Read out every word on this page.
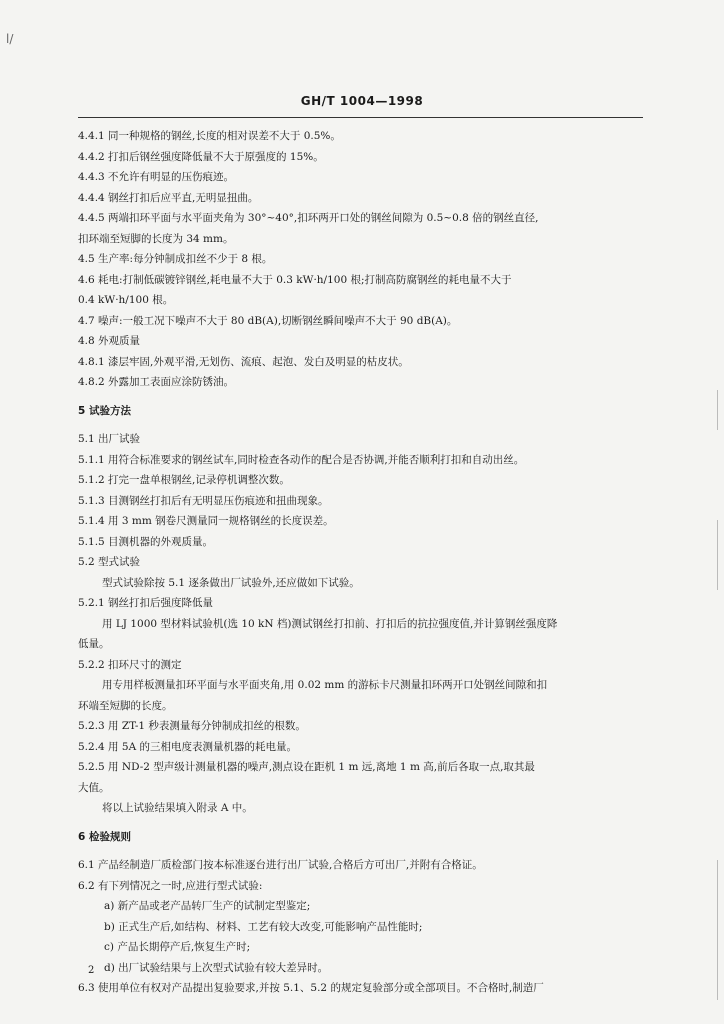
l/
GH/T 1004—1998
4.4.1 同一种规格的钢丝,长度的相对误差不大于 0.5%。
4.4.2 打扣后钢丝强度降低量不大于原强度的 15%。
4.4.3 不允许有明显的压伤痕迹。
4.4.4 钢丝打扣后应平直,无明显扭曲。
4.4.5 两端扣环平面与水平面夹角为 30°~40°,扣环两开口处的钢丝间隙为 0.5~0.8 倍的钢丝直径,
扣环端至短脚的长度为 34 mm。
4.5 生产率:每分钟制成扣丝不少于 8 根。
4.6 耗电:打制低碳镀锌钢丝,耗电量不大于 0.3 kW·h/100 根;打制高防腐钢丝的耗电量不大于
0.4 kW·h/100 根。
4.7 噪声:一般工况下噪声不大于 80 dB(A),切断钢丝瞬间噪声不大于 90 dB(A)。
4.8 外观质量
4.8.1 漆层牢固,外观平滑,无划伤、流痕、起泡、发白及明显的枯皮状。
4.8.2 外露加工表面应涂防锈油。
5 试验方法
5.1 出厂试验
5.1.1 用符合标准要求的钢丝试车,同时检查各动作的配合是否协调,并能否顺利打扣和自动出丝。
5.1.2 打完一盘单根钢丝,记录停机调整次数。
5.1.3 目测钢丝打扣后有无明显压伤痕迹和扭曲现象。
5.1.4 用 3 mm 钢卷尺测量同一规格钢丝的长度误差。
5.1.5 目测机器的外观质量。
5.2 型式试验
型式试验除按 5.1 逐条做出厂试验外,还应做如下试验。
5.2.1 钢丝打扣后强度降低量
用 LJ 1000 型材料试验机(选 10 kN 档)测试钢丝打扣前、打扣后的抗拉强度值,并计算钢丝强度降
低量。
5.2.2 扣环尺寸的测定
用专用样板测量扣环平面与水平面夹角,用 0.02 mm 的游标卡尺测量扣环两开口处钢丝间隙和扣
环端至短脚的长度。
5.2.3 用 ZT-1 秒表测量每分钟制成扣丝的根数。
5.2.4 用 5A 的三相电度表测量机器的耗电量。
5.2.5 用 ND-2 型声级计测量机器的噪声,测点设在距机 1 m 远,离地 1 m 高,前后各取一点,取其最
大值。
将以上试验结果填入附录 A 中。
6 检验规则
6.1 产品经制造厂质检部门按本标准逐台进行出厂试验,合格后方可出厂,并附有合格证。
6.2 有下列情况之一时,应进行型式试验:
a) 新产品或老产品转厂生产的试制定型鉴定;
b) 正式生产后,如结构、材料、工艺有较大改变,可能影响产品性能时;
c) 产品长期停产后,恢复生产时;
d) 出厂试验结果与上次型式试验有较大差异时。
6.3 使用单位有权对产品提出复验要求,并按 5.1、5.2 的规定复验部分或全部项目。不合格时,制造厂
2
